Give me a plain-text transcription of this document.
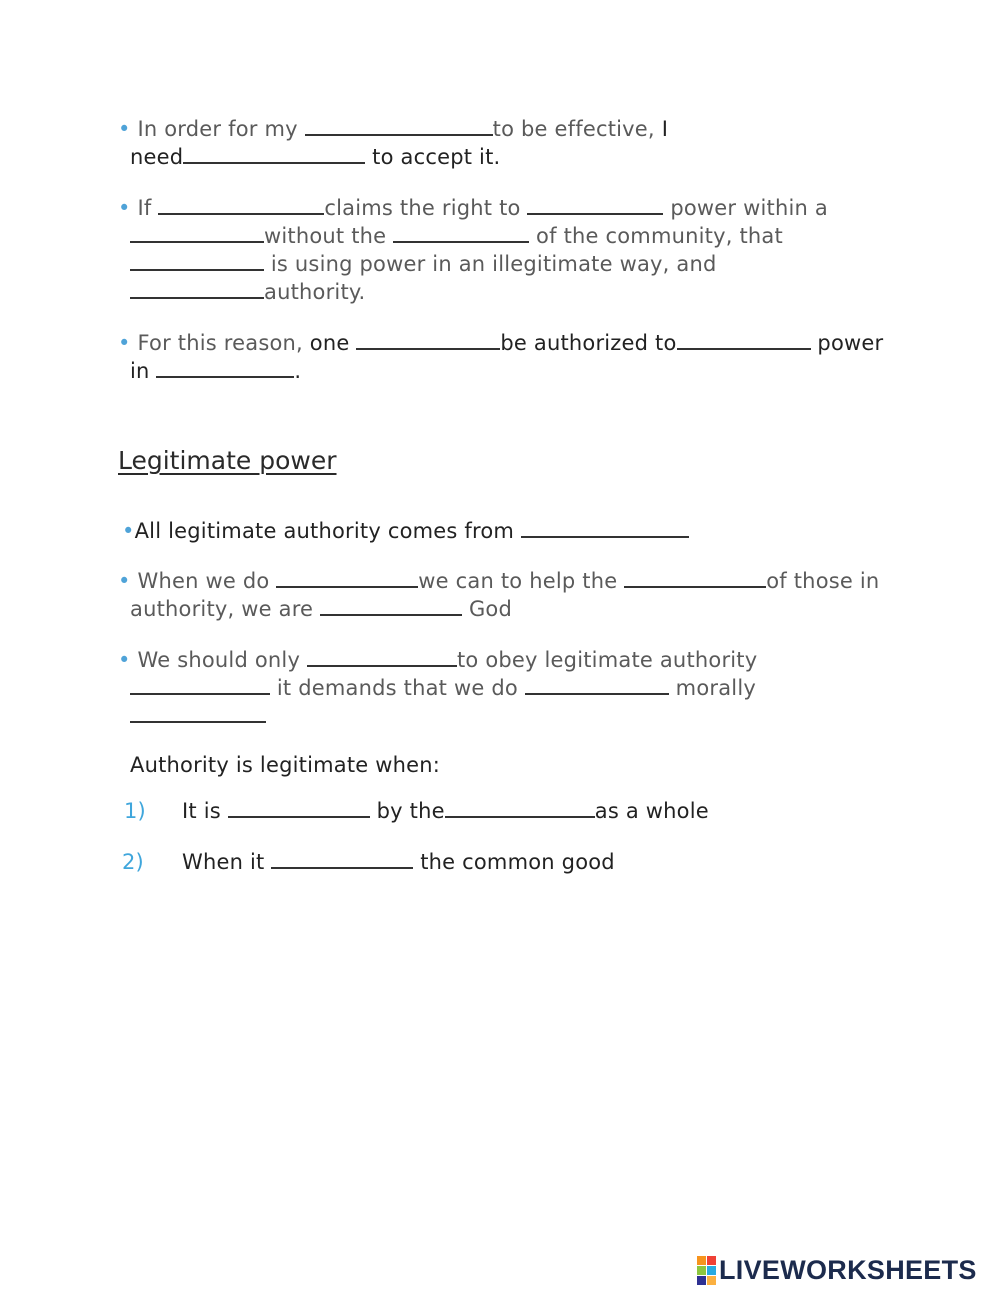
• In order for my	to be effective, I
need	to accept it.
• If	claims the right to	power within a
without the	of the community, that
is using power in an illegitimate way, and
authority.
• For this reason, one	be authorized to	power
in	.
Legitimate power
•All legitimate authority comes from
• When we do	we can to help the	of those in
authority, we are	God
• We should only	to obey legitimate authority
it demands that we do	morally
Authority is legitimate when:
1) It is	by the	as a whole
2) When it	the common good
LIVEWORKSHEETS
